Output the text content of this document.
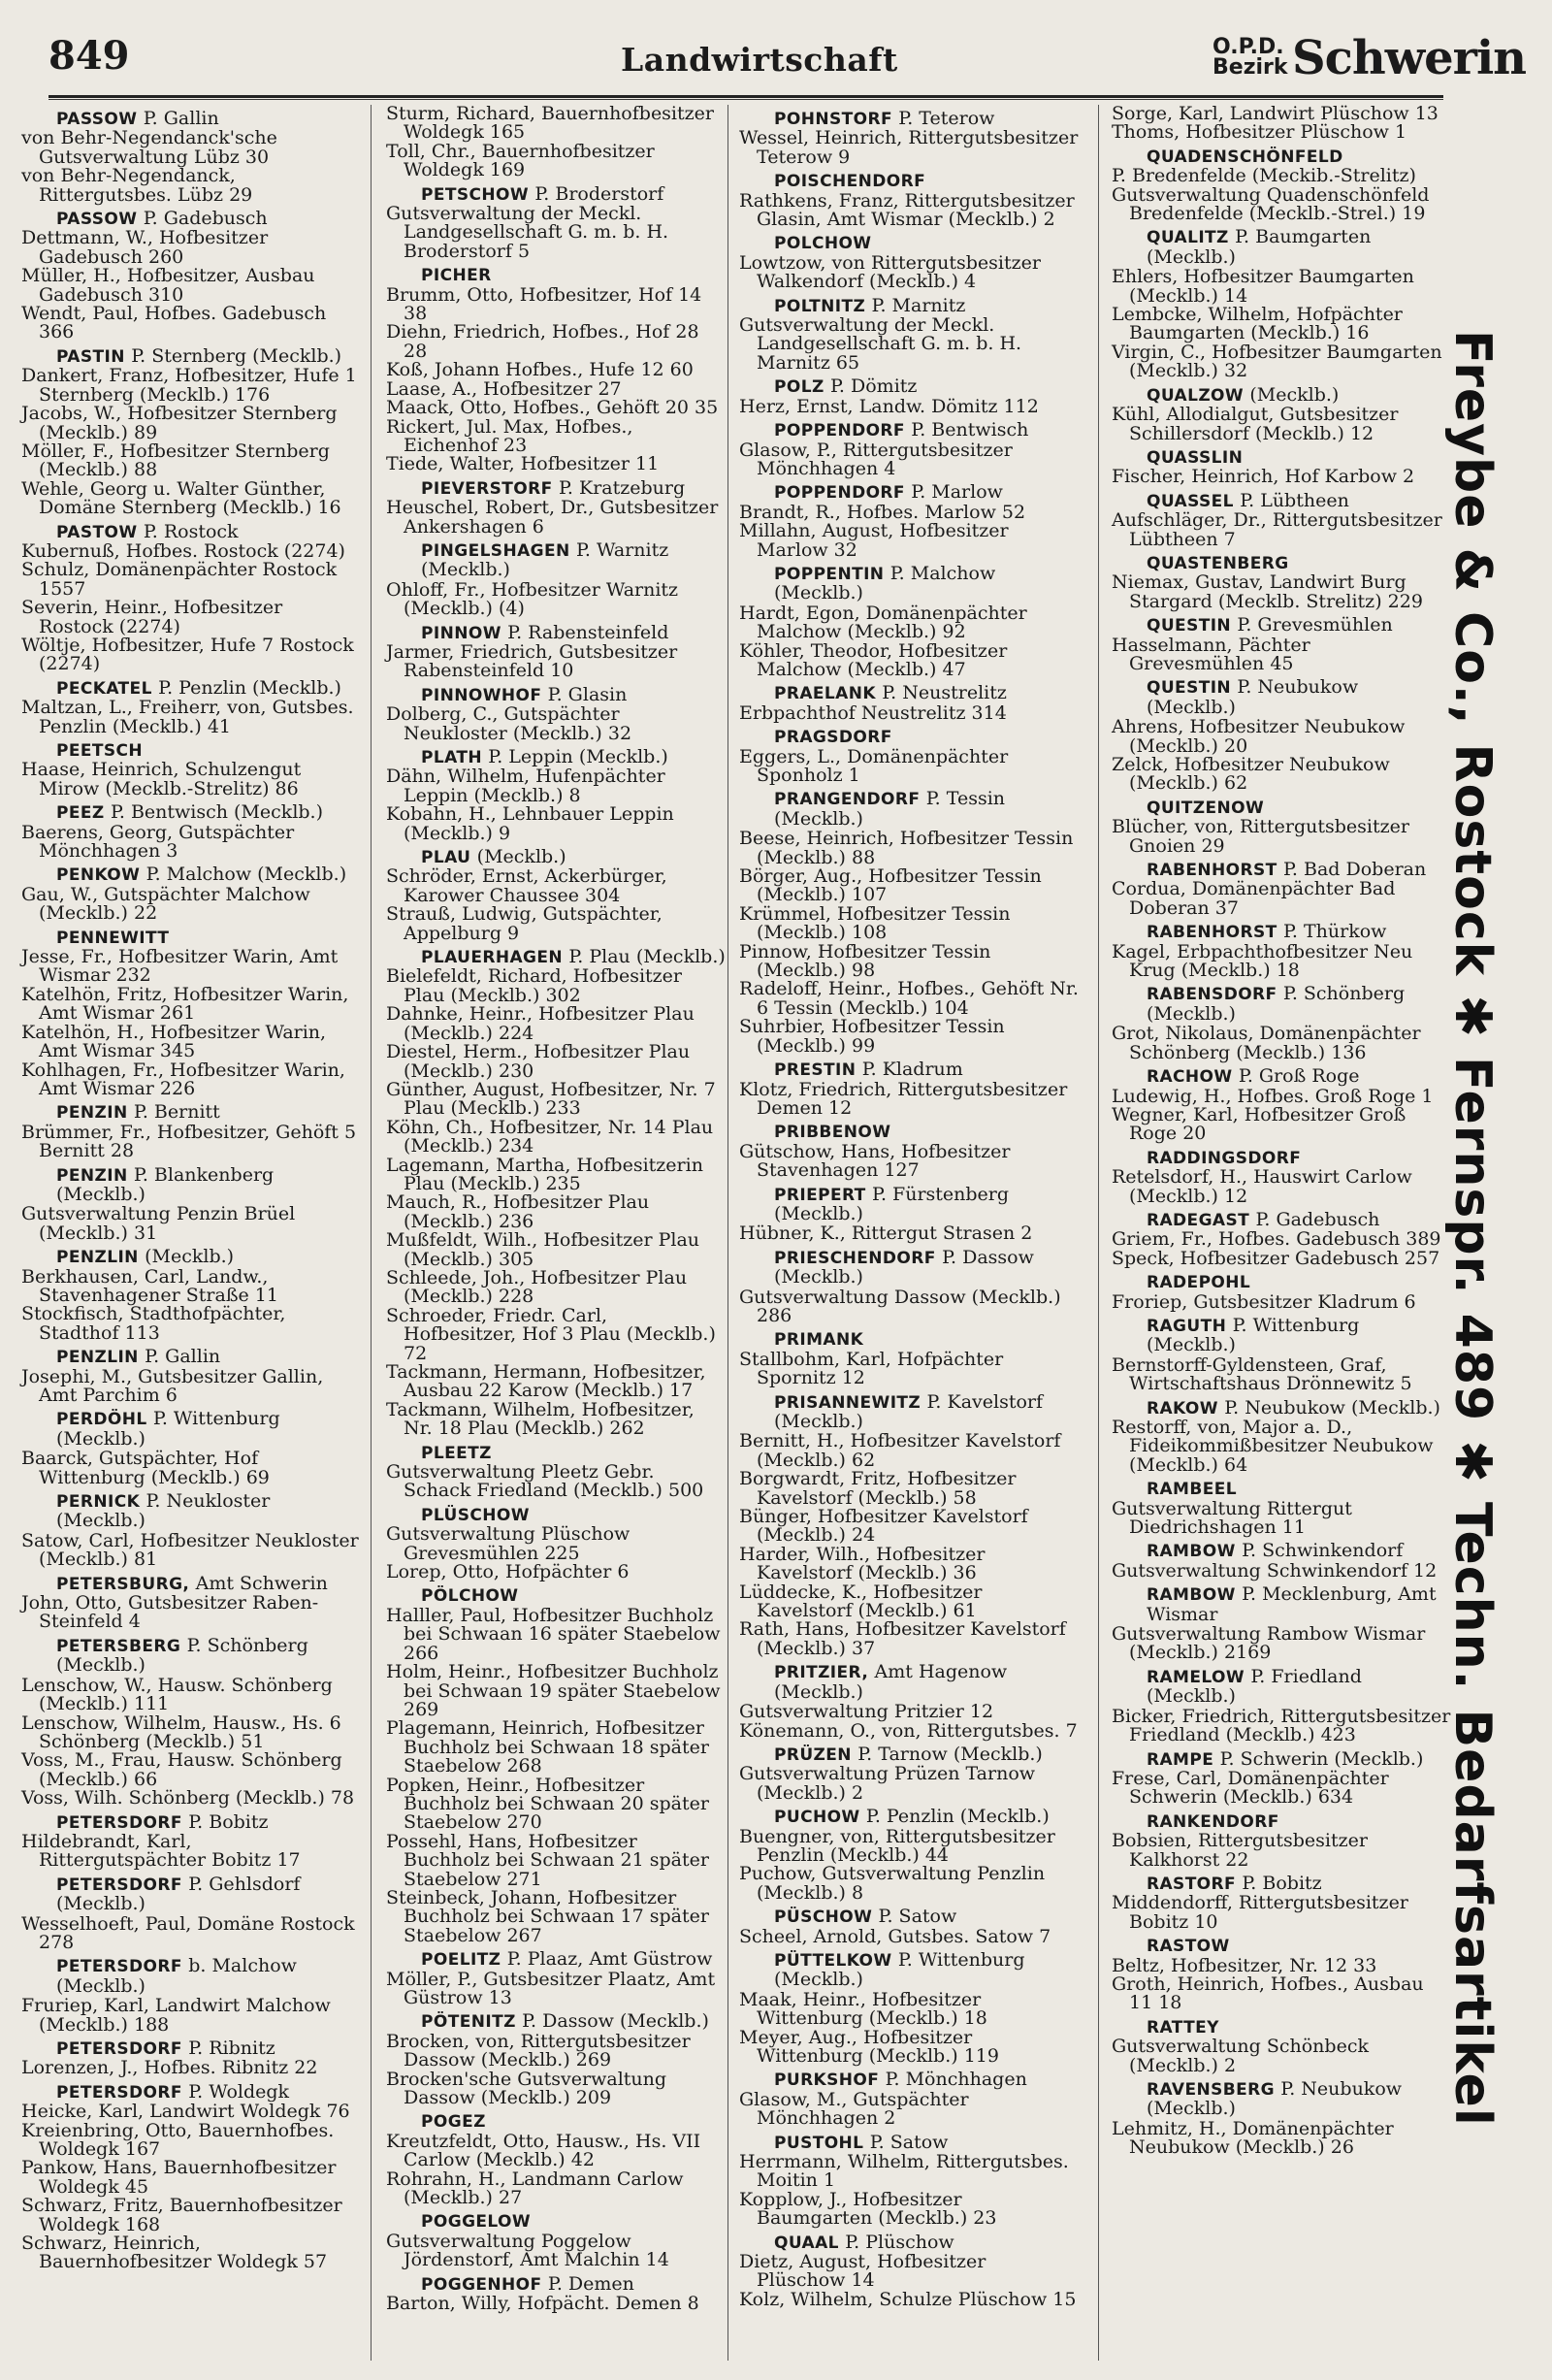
849	Landwirtschaft	O.P.D.
Bezirk Schwerin
PASSOW P. Gallin
von Behr-Negendanck'sche Gutsverwaltung Lübz 30
von Behr-Negendanck, Rittergutsbes. Lübz 29
PASSOW P. Gadebusch
Dettmann, W., Hofbesitzer Gadebusch 260
Müller, H., Hofbesitzer, Ausbau Gadebusch 310
Wendt, Paul, Hofbes. Gadebusch 366
PASTIN P. Sternberg (Mecklb.)
Dankert, Franz, Hofbesitzer, Hufe 1 Sternberg (Mecklb.) 176
Jacobs, W., Hofbesitzer Sternberg (Mecklb.) 89
Möller, F., Hofbesitzer Sternberg (Mecklb.) 88
Wehle, Georg u. Walter Günther, Domäne Sternberg (Mecklb.) 16
PASTOW P. Rostock
Kubernuß, Hofbes. Rostock (2274)
Schulz, Domänenpächter Rostock 1557
Severin, Heinr., Hofbesitzer Rostock (2274)
Wöltje, Hofbesitzer, Hufe 7 Rostock (2274)
PECKATEL P. Penzlin (Mecklb.)
Maltzan, L., Freiherr, von, Gutsbes. Penzlin (Mecklb.) 41
PEETSCH
Haase, Heinrich, Schulzengut Mirow (Mecklb.-Strelitz) 86
PEEZ P. Bentwisch (Mecklb.)
Baerens, Georg, Gutspächter Mönchhagen 3
PENKOW P. Malchow (Mecklb.)
Gau, W., Gutspächter Malchow (Mecklb.) 22
PENNEWITT
Jesse, Fr., Hofbesitzer Warin, Amt Wismar 232
Katelhön, Fritz, Hofbesitzer Warin, Amt Wismar 261
Katelhön, H., Hofbesitzer Warin, Amt Wismar 345
Kohlhagen, Fr., Hofbesitzer Warin, Amt Wismar 226
PENZIN P. Bernitt
Brümmer, Fr., Hofbesitzer, Gehöft 5 Bernitt 28
PENZIN P. Blankenberg (Mecklb.)
Gutsverwaltung Penzin Brüel (Mecklb.) 31
PENZLIN (Mecklb.)
Berkhausen, Carl, Landw., Stavenhagener Straße 11
Stockfisch, Stadthofpächter, Stadthof 113
PENZLIN P. Gallin
Josephi, M., Gutsbesitzer Gallin, Amt Parchim 6
PERDÖHL P. Wittenburg (Mecklb.)
Baarck, Gutspächter, Hof Wittenburg (Mecklb.) 69
PERNICK P. Neukloster (Mecklb.)
Satow, Carl, Hofbesitzer Neukloster (Mecklb.) 81
PETERSBURG, Amt Schwerin
John, Otto, Gutsbesitzer Raben-Steinfeld 4
PETERSBERG P. Schönberg (Mecklb.)
Lenschow, W., Hausw. Schönberg (Mecklb.) 111
Lenschow, Wilhelm, Hausw., Hs. 6 Schönberg (Mecklb.) 51
Voss, M., Frau, Hausw. Schönberg (Mecklb.) 66
Voss, Wilh. Schönberg (Mecklb.) 78
PETERSDORF P. Bobitz
Hildebrandt, Karl, Rittergutspächter Bobitz 17
PETERSDORF P. Gehlsdorf (Mecklb.)
Wesselhoeft, Paul, Domäne Rostock 278
PETERSDORF b. Malchow (Mecklb.)
Fruriep, Karl, Landwirt Malchow (Mecklb.) 188
PETERSDORF P. Ribnitz
Lorenzen, J., Hofbes. Ribnitz 22
PETERSDORF P. Woldegk
Heicke, Karl, Landwirt Woldegk 76
Kreienbring, Otto, Bauernhofbes. Woldegk 167
Pankow, Hans, Bauernhofbesitzer Woldegk 45
Schwarz, Fritz, Bauernhofbesitzer Woldegk 168
Schwarz, Heinrich, Bauernhofbesitzer Woldegk 57
Sturm, Richard, Bauernhofbesitzer Woldegk 165
Toll, Chr., Bauernhofbesitzer Woldegk 169
PETSCHOW P. Broderstorf
Gutsverwaltung der Meckl. Landgesellschaft G. m. b. H. Broderstorf 5
PICHER
Brumm, Otto, Hofbesitzer, Hof 14 38
Diehn, Friedrich, Hofbes., Hof 28 28
Koß, Johann Hofbes., Hufe 12 60
Laase, A., Hofbesitzer 27
Maack, Otto, Hofbes., Gehöft 20 35
Rickert, Jul. Max, Hofbes., Eichenhof 23
Tiede, Walter, Hofbesitzer 11
PIEVERSTORF P. Kratzeburg
Heuschel, Robert, Dr., Gutsbesitzer Ankershagen 6
PINGELSHAGEN P. Warnitz (Mecklb.)
Ohloff, Fr., Hofbesitzer Warnitz (Mecklb.) (4)
PINNOW P. Rabensteinfeld
Jarmer, Friedrich, Gutsbesitzer Rabensteinfeld 10
PINNOWHOF P. Glasin
Dolberg, C., Gutspächter Neukloster (Mecklb.) 32
PLATH P. Leppin (Mecklb.)
Dähn, Wilhelm, Hufenpächter Leppin (Mecklb.) 8
Kobahn, H., Lehnbauer Leppin (Mecklb.) 9
PLAU (Mecklb.)
Schröder, Ernst, Ackerbürger, Karower Chaussee 304
Strauß, Ludwig, Gutspächter, Appelburg 9
PLAUERHAGEN P. Plau (Mecklb.)
Bielefeldt, Richard, Hofbesitzer Plau (Mecklb.) 302
Dahnke, Heinr., Hofbesitzer Plau (Mecklb.) 224
Diestel, Herm., Hofbesitzer Plau (Mecklb.) 230
Günther, August, Hofbesitzer, Nr. 7 Plau (Mecklb.) 233
Köhn, Ch., Hofbesitzer, Nr. 14 Plau (Mecklb.) 234
Lagemann, Martha, Hofbesitzerin Plau (Mecklb.) 235
Mauch, R., Hofbesitzer Plau (Mecklb.) 236
Mußfeldt, Wilh., Hofbesitzer Plau (Mecklb.) 305
Schleede, Joh., Hofbesitzer Plau (Mecklb.) 228
Schroeder, Friedr. Carl, Hofbesitzer, Hof 3 Plau (Mecklb.) 72
Tackmann, Hermann, Hofbesitzer, Ausbau 22 Karow (Mecklb.) 17
Tackmann, Wilhelm, Hofbesitzer, Nr. 18 Plau (Mecklb.) 262
PLEETZ
Gutsverwaltung Pleetz Gebr. Schack Friedland (Mecklb.) 500
PLÜSCHOW
Gutsverwaltung Plüschow Grevesmühlen 225
Lorep, Otto, Hofpächter 6
PÖLCHOW
Halller, Paul, Hofbesitzer Buchholz bei Schwaan 16 später Staebelow 266
Holm, Heinr., Hofbesitzer Buchholz bei Schwaan 19 später Staebelow 269
Plagemann, Heinrich, Hofbesitzer Buchholz bei Schwaan 18 später Staebelow 268
Popken, Heinr., Hofbesitzer Buchholz bei Schwaan 20 später Staebelow 270
Possehl, Hans, Hofbesitzer Buchholz bei Schwaan 21 später Staebelow 271
Steinbeck, Johann, Hofbesitzer Buchholz bei Schwaan 17 später Staebelow 267
POELITZ P. Plaaz, Amt Güstrow
Möller, P., Gutsbesitzer Plaatz, Amt Güstrow 13
PÖTENITZ P. Dassow (Mecklb.)
Brocken, von, Rittergutsbesitzer Dassow (Mecklb.) 269
Brocken'sche Gutsverwaltung Dassow (Mecklb.) 209
POGEZ
Kreutzfeldt, Otto, Hausw., Hs. VII Carlow (Mecklb.) 42
Rohrahn, H., Landmann Carlow (Mecklb.) 27
POGGELOW
Gutsverwaltung Poggelow Jördenstorf, Amt Malchin 14
POGGENHOF P. Demen
Barton, Willy, Hofpächt. Demen 8
POHNSTORF P. Teterow
Wessel, Heinrich, Rittergutsbesitzer Teterow 9
POISCHENDORF
Rathkens, Franz, Rittergutsbesitzer Glasin, Amt Wismar (Mecklb.) 2
POLCHOW
Lowtzow, von Rittergutsbesitzer Walkendorf (Mecklb.) 4
POLTNITZ P. Marnitz
Gutsverwaltung der Meckl. Landgesellschaft G. m. b. H. Marnitz 65
POLZ P. Dömitz
Herz, Ernst, Landw. Dömitz 112
POPPENDORF P. Bentwisch
Glasow, P., Rittergutsbesitzer Mönchhagen 4
POPPENDORF P. Marlow
Brandt, R., Hofbes. Marlow 52
Millahn, August, Hofbesitzer Marlow 32
POPPENTIN P. Malchow (Mecklb.)
Hardt, Egon, Domänenpächter Malchow (Mecklb.) 92
Köhler, Theodor, Hofbesitzer Malchow (Mecklb.) 47
PRAELANK P. Neustrelitz
Erbpachthof Neustrelitz 314
PRAGSDORF
Eggers, L., Domänenpächter Sponholz 1
PRANGENDORF P. Tessin (Mecklb.)
Beese, Heinrich, Hofbesitzer Tessin (Mecklb.) 88
Börger, Aug., Hofbesitzer Tessin (Mecklb.) 107
Krümmel, Hofbesitzer Tessin (Mecklb.) 108
Pinnow, Hofbesitzer Tessin (Mecklb.) 98
Radeloff, Heinr., Hofbes., Gehöft Nr. 6 Tessin (Mecklb.) 104
Suhrbier, Hofbesitzer Tessin (Mecklb.) 99
PRESTIN P. Kladrum
Klotz, Friedrich, Rittergutsbesitzer Demen 12
PRIBBENOW
Gütschow, Hans, Hofbesitzer Stavenhagen 127
PRIEPERT P. Fürstenberg (Mecklb.)
Hübner, K., Rittergut Strasen 2
PRIESCHENDORF P. Dassow (Mecklb.)
Gutsverwaltung Dassow (Mecklb.) 286
PRIMANK
Stallbohm, Karl, Hofpächter Spornitz 12
PRISANNEWITZ P. Kavelstorf (Mecklb.)
Bernitt, H., Hofbesitzer Kavelstorf (Mecklb.) 62
Borgwardt, Fritz, Hofbesitzer Kavelstorf (Mecklb.) 58
Bünger, Hofbesitzer Kavelstorf (Mecklb.) 24
Harder, Wilh., Hofbesitzer Kavelstorf (Mecklb.) 36
Lüddecke, K., Hofbesitzer Kavelstorf (Mecklb.) 61
Rath, Hans, Hofbesitzer Kavelstorf (Mecklb.) 37
PRITZIER, Amt Hagenow (Mecklb.)
Gutsverwaltung Pritzier 12
Könemann, O., von, Rittergutsbes. 7
PRÜZEN P. Tarnow (Mecklb.)
Gutsverwaltung Prüzen Tarnow (Mecklb.) 2
PUCHOW P. Penzlin (Mecklb.)
Buengner, von, Rittergutsbesitzer Penzlin (Mecklb.) 44
Puchow, Gutsverwaltung Penzlin (Mecklb.) 8
PÜSCHOW P. Satow
Scheel, Arnold, Gutsbes. Satow 7
PÜTTELKOW P. Wittenburg (Mecklb.)
Maak, Heinr., Hofbesitzer Wittenburg (Mecklb.) 18
Meyer, Aug., Hofbesitzer Wittenburg (Mecklb.) 119
PURKSHOF P. Mönchhagen
Glasow, M., Gutspächter Mönchhagen 2
PUSTOHL P. Satow
Herrmann, Wilhelm, Rittergutsbes. Moitin 1
Kopplow, J., Hofbesitzer Baumgarten (Mecklb.) 23
QUAAL P. Plüschow
Dietz, August, Hofbesitzer Plüschow 14
Kolz, Wilhelm, Schulze Plüschow 15
Sorge, Karl, Landwirt Plüschow 13
Thoms, Hofbesitzer Plüschow 1
QUADENSCHÖNFELD
P. Bredenfelde (Meckib.-Strelitz)
Gutsverwaltung Quadenschönfeld Bredenfelde (Mecklb.-Strel.) 19
QUALITZ P. Baumgarten (Mecklb.)
Ehlers, Hofbesitzer Baumgarten (Mecklb.) 14
Lembcke, Wilhelm, Hofpächter Baumgarten (Mecklb.) 16
Virgin, C., Hofbesitzer Baumgarten (Mecklb.) 32
QUALZOW (Mecklb.)
Kühl, Allodialgut, Gutsbesitzer Schillersdorf (Mecklb.) 12
QUASSLIN
Fischer, Heinrich, Hof Karbow 2
QUASSEL P. Lübtheen
Aufschläger, Dr., Rittergutsbesitzer Lübtheen 7
QUASTENBERG
Niemax, Gustav, Landwirt Burg Stargard (Mecklb. Strelitz) 229
QUESTIN P. Grevesmühlen
Hasselmann, Pächter Grevesmühlen 45
QUESTIN P. Neubukow (Mecklb.)
Ahrens, Hofbesitzer Neubukow (Mecklb.) 20
Zelck, Hofbesitzer Neubukow (Mecklb.) 62
QUITZENOW
Blücher, von, Rittergutsbesitzer Gnoien 29
RABENHORST P. Bad Doberan
Cordua, Domänenpächter Bad Doberan 37
RABENHORST P. Thürkow
Kagel, Erbpachthofbesitzer Neu Krug (Mecklb.) 18
RABENSDORF P. Schönberg (Mecklb.)
Grot, Nikolaus, Domänenpächter Schönberg (Mecklb.) 136
RACHOW P. Groß Roge
Ludewig, H., Hofbes. Groß Roge 1
Wegner, Karl, Hofbesitzer Groß Roge 20
RADDINGSDORF
Retelsdorf, H., Hauswirt Carlow (Mecklb.) 12
RADEGAST P. Gadebusch
Griem, Fr., Hofbes. Gadebusch 389
Speck, Hofbesitzer Gadebusch 257
RADEPOHL
Froriep, Gutsbesitzer Kladrum 6
RAGUTH P. Wittenburg (Mecklb.)
Bernstorff-Gyldensteen, Graf, Wirtschaftshaus Drönnewitz 5
RAKOW P. Neubukow (Mecklb.)
Restorff, von, Major a. D., Fideikommißbesitzer Neubukow (Mecklb.) 64
RAMBEEL
Gutsverwaltung Rittergut Diedrichshagen 11
RAMBOW P. Schwinkendorf
Gutsverwaltung Schwinkendorf 12
RAMBOW P. Mecklenburg, Amt Wismar
Gutsverwaltung Rambow Wismar (Mecklb.) 2169
RAMELOW P. Friedland (Mecklb.)
Bicker, Friedrich, Rittergutsbesitzer Friedland (Mecklb.) 423
RAMPE P. Schwerin (Mecklb.)
Frese, Carl, Domänenpächter Schwerin (Mecklb.) 634
RANKENDORF
Bobsien, Rittergutsbesitzer Kalkhorst 22
RASTORF P. Bobitz
Middendorff, Rittergutsbesitzer Bobitz 10
RASTOW
Beltz, Hofbesitzer, Nr. 12 33
Groth, Heinrich, Hofbes., Ausbau 11 18
RATTEY
Gutsverwaltung Schönbeck (Mecklb.) 2
RAVENSBERG P. Neubukow (Mecklb.)
Lehmitz, H., Domänenpächter Neubukow (Mecklb.) 26
Freybe & Co., Rostock ✱ Fernspr. 489 ✱ Techn. Bedarfsartikel
